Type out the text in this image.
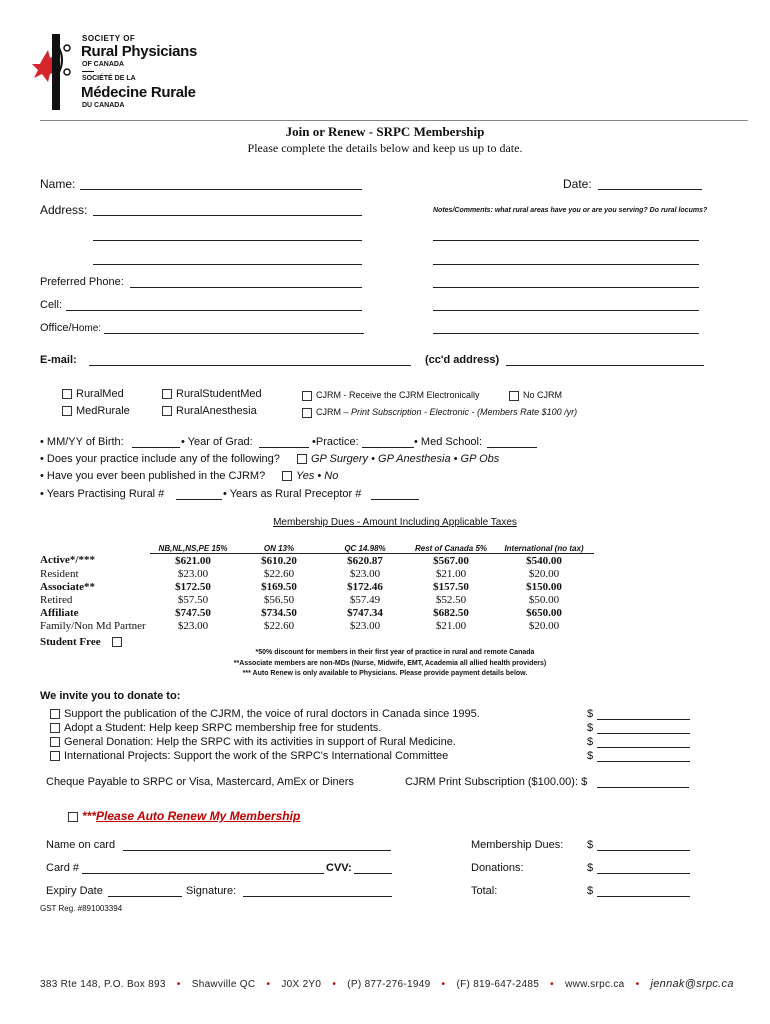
SOCIETY OF
Rural Physicians
OF CANADA
SOCIÉTÉ DE LA
Médecine Rurale
DU CANADA
Join or Renew - SRPC Membership
Please complete the details below and keep us up to date.
Name:	Date:
Address:	Notes/Comments: what rural areas have you or are you serving? Do rural locums?
Preferred Phone:
Cell:
Office/Home:
E-mail:	(cc'd address)
RuralMed
MedRurale
RuralStudentMed
RuralAnesthesia
CJRM - Receive the CJRM Electronically	No CJRM
CJRM – Print Subscription - Electronic - (Members Rate $100 /yr)
• MM/YY of Birth:	• Year of Grad:	•Practice:	• Med School:
• Does your practice include any of the following?	GP Surgery • GP Anesthesia • GP Obs
• Have you ever been published in the CJRM?	Yes • No
• Years Practising Rural #	• Years as Rural Preceptor #
Membership Dues - Amount Including Applicable Taxes
	NB,NL,NS,PE 15%	ON 13%	QC 14.98%	Rest of Canada 5%	International (no tax)
Active*/***	$621.00	$610.20	$620.87	$567.00	$540.00
Resident	$23.00	$22.60	$23.00	$21.00	$20.00
Associate**	$172.50	$169.50	$172.46	$157.50	$150.00
Retired	$57.50	$56.50	$57.49	$52.50	$50.00
Affiliate	$747.50	$734.50	$747.34	$682.50	$650.00
Family/Non Md Partner	$23.00	$22.60	$23.00	$21.00	$20.00
Student Free
*50% discount for members in their first year of practice in rural and remote Canada
**Associate members are non-MDs (Nurse, Midwife, EMT, Academia all allied health providers)
*** Auto Renew is only available to Physicians. Please provide payment details below.
We invite you to donate to:
Support the publication of the CJRM, the voice of rural doctors in Canada since 1995.	$
Adopt a Student: Help keep SRPC membership free for students.	$
General Donation: Help the SRPC with its activities in support of Rural Medicine.	$
International Projects: Support the work of the SRPC's International Committee	$
Cheque Payable to SRPC or Visa, Mastercard, AmEx or Diners	CJRM Print Subscription ($100.00): $
***Please Auto Renew My Membership
Name on card
Card #	CVV:
Expiry Date	Signature:
Membership Dues:
Donations:
Total:
$
$
$
GST Reg. #891003394
383 Rte 148, P.O. Box 893 • Shawville QC • J0X 2Y0 • (P) 877-276-1949 • (F) 819-647-2485 • www.srpc.ca • jennak@srpc.ca
